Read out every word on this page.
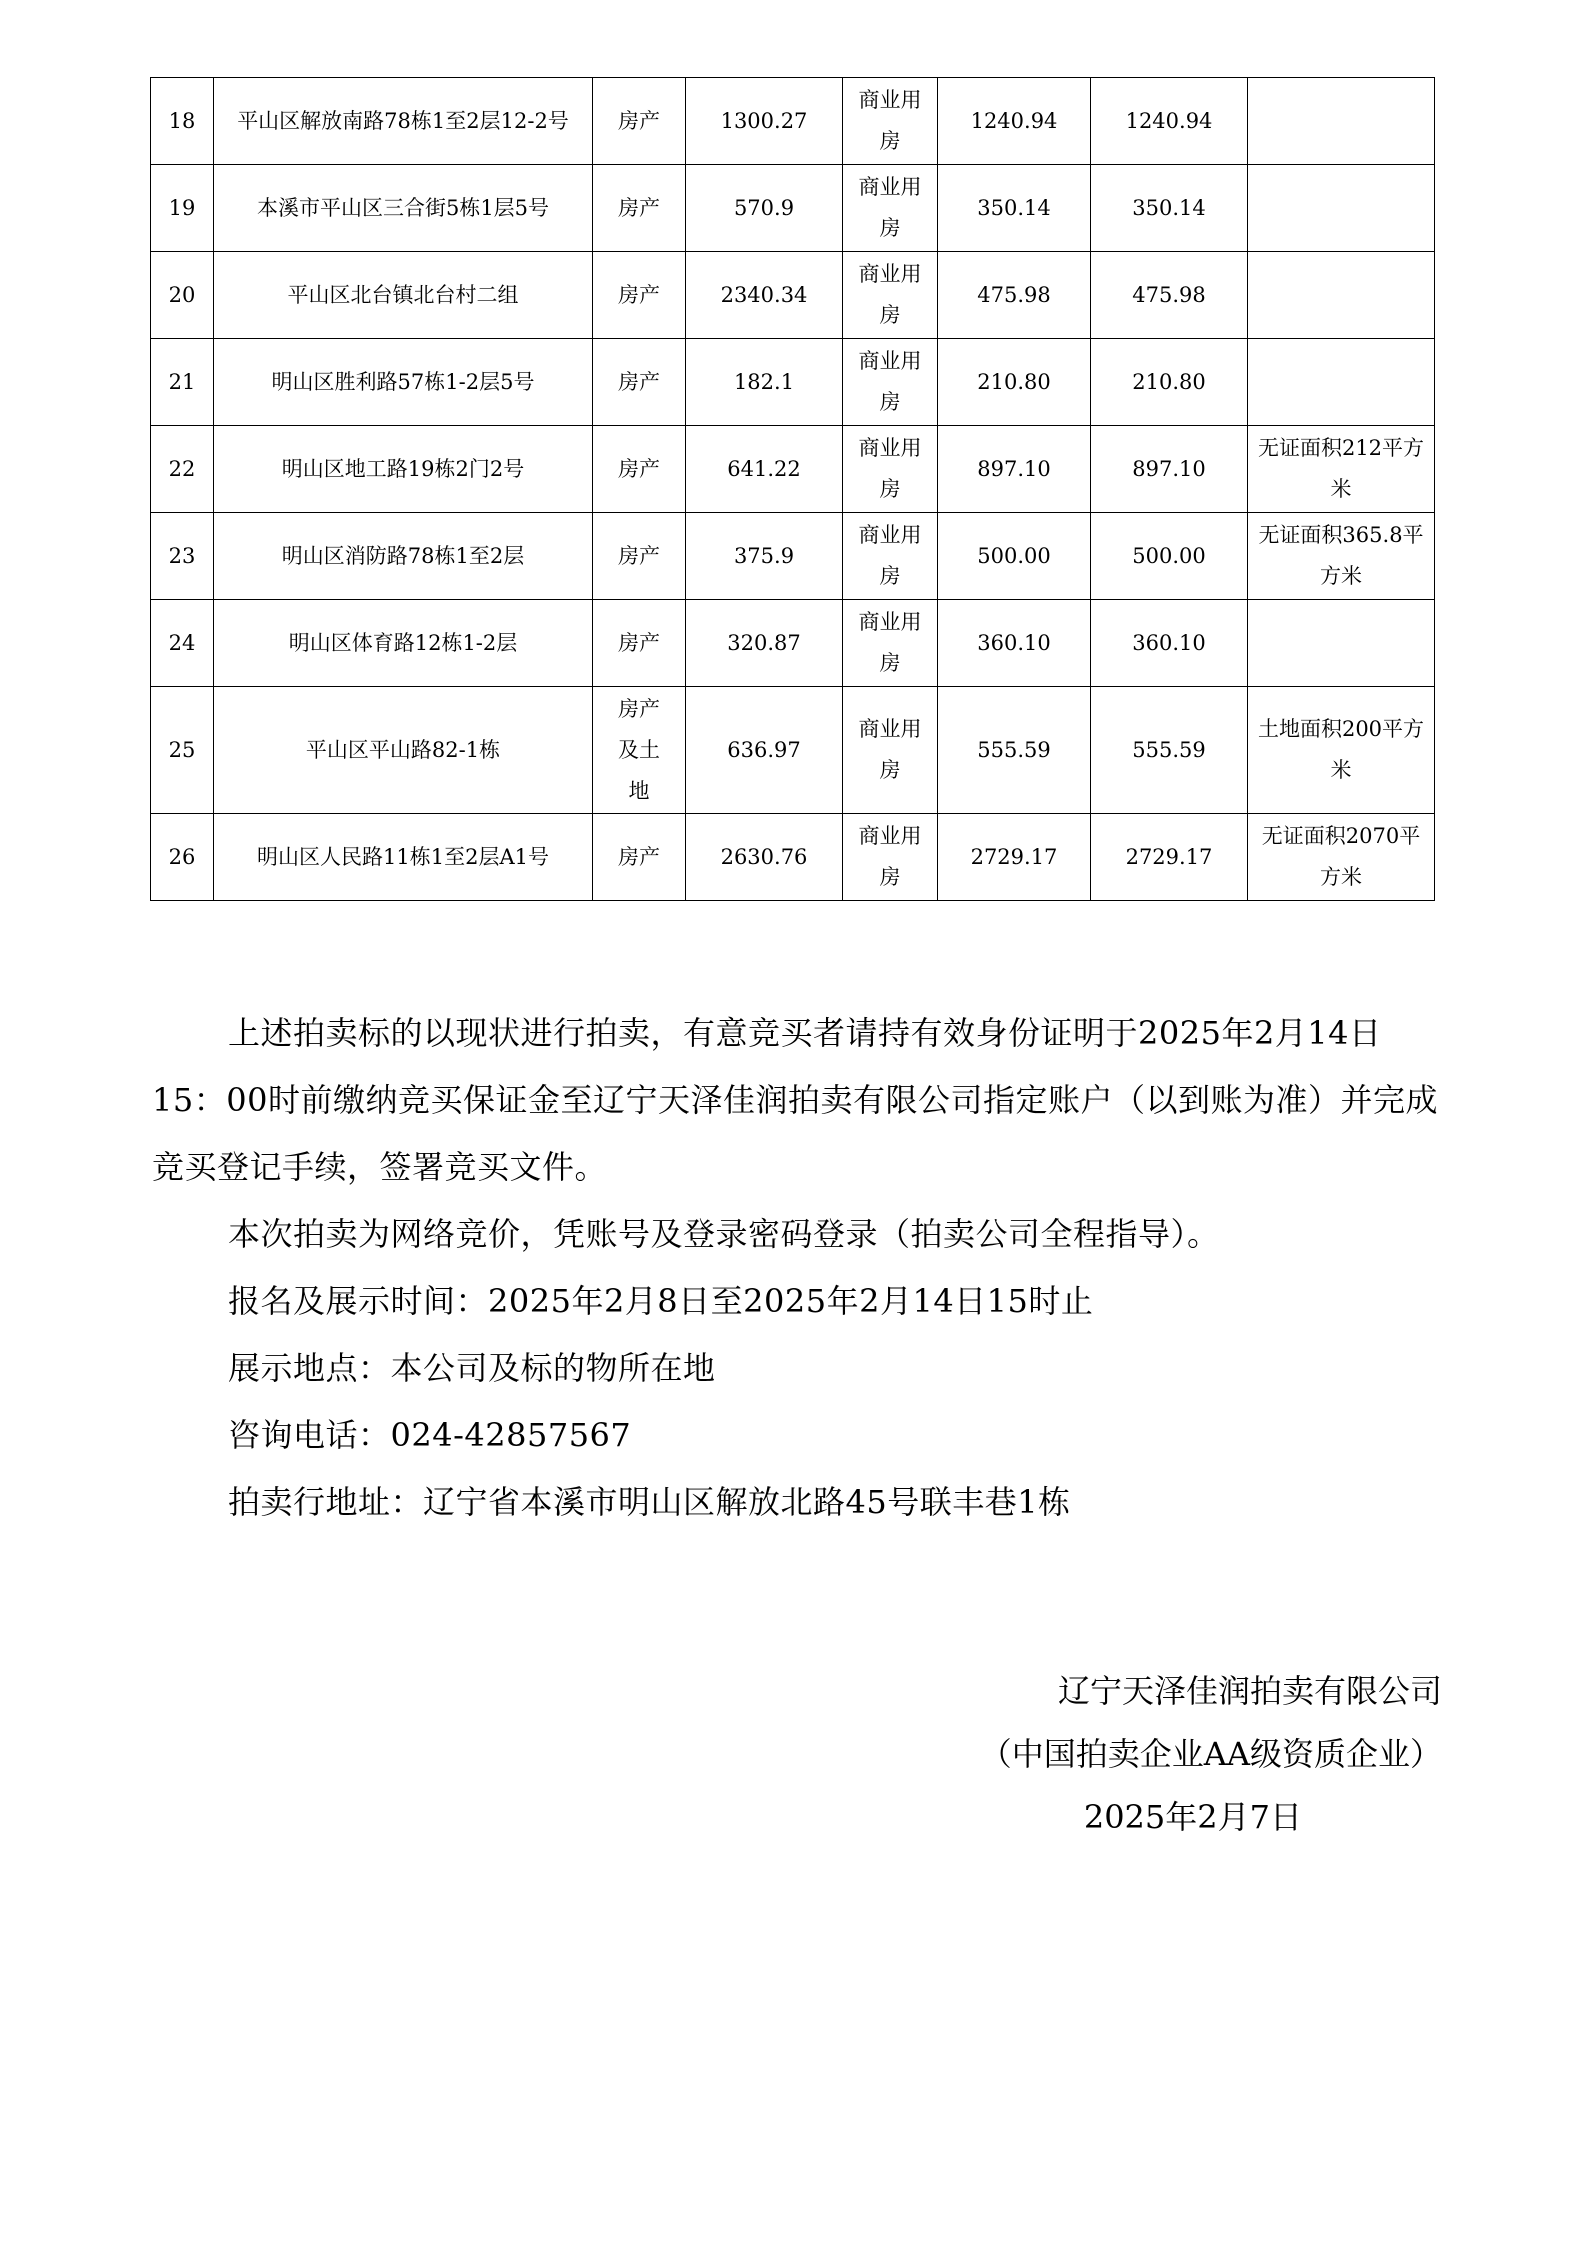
18	平山区解放南路78栋1至2层12-2号	房产	1300.27	商业用房	1240.94	1240.94	
19	本溪市平山区三合街5栋1层5号	房产	570.9	商业用房	350.14	350.14	
20	平山区北台镇北台村二组	房产	2340.34	商业用房	475.98	475.98	
21	明山区胜利路57栋1-2层5号	房产	182.1	商业用房	210.80	210.80	
22	明山区地工路19栋2门2号	房产	641.22	商业用房	897.10	897.10	无证面积212平方米
23	明山区消防路78栋1至2层	房产	375.9	商业用房	500.00	500.00	无证面积365.8平方米
24	明山区体育路12栋1-2层	房产	320.87	商业用房	360.10	360.10	
25	平山区平山路82-1栋	房产及土地	636.97	商业用房	555.59	555.59	土地面积200平方米
26	明山区人民路11栋1至2层A1号	房产	2630.76	商业用房	2729.17	2729.17	无证面积2070平方米

上述拍卖标的以现状进行拍卖，有意竞买者请持有效身份证明于2025年2月14日15：00时前缴纳竞买保证金至辽宁天泽佳润拍卖有限公司指定账户（以到账为准）并完成竞买登记手续，签署竞买文件。

本次拍卖为网络竞价，凭账号及登录密码登录（拍卖公司全程指导）。

报名及展示时间：2025年2月8日至2025年2月14日15时止

展示地点：本公司及标的物所在地

咨询电话：024-42857567

拍卖行地址：辽宁省本溪市明山区解放北路45号联丰巷1栋

辽宁天泽佳润拍卖有限公司
（中国拍卖企业AA级资质企业）
2025年2月7日
